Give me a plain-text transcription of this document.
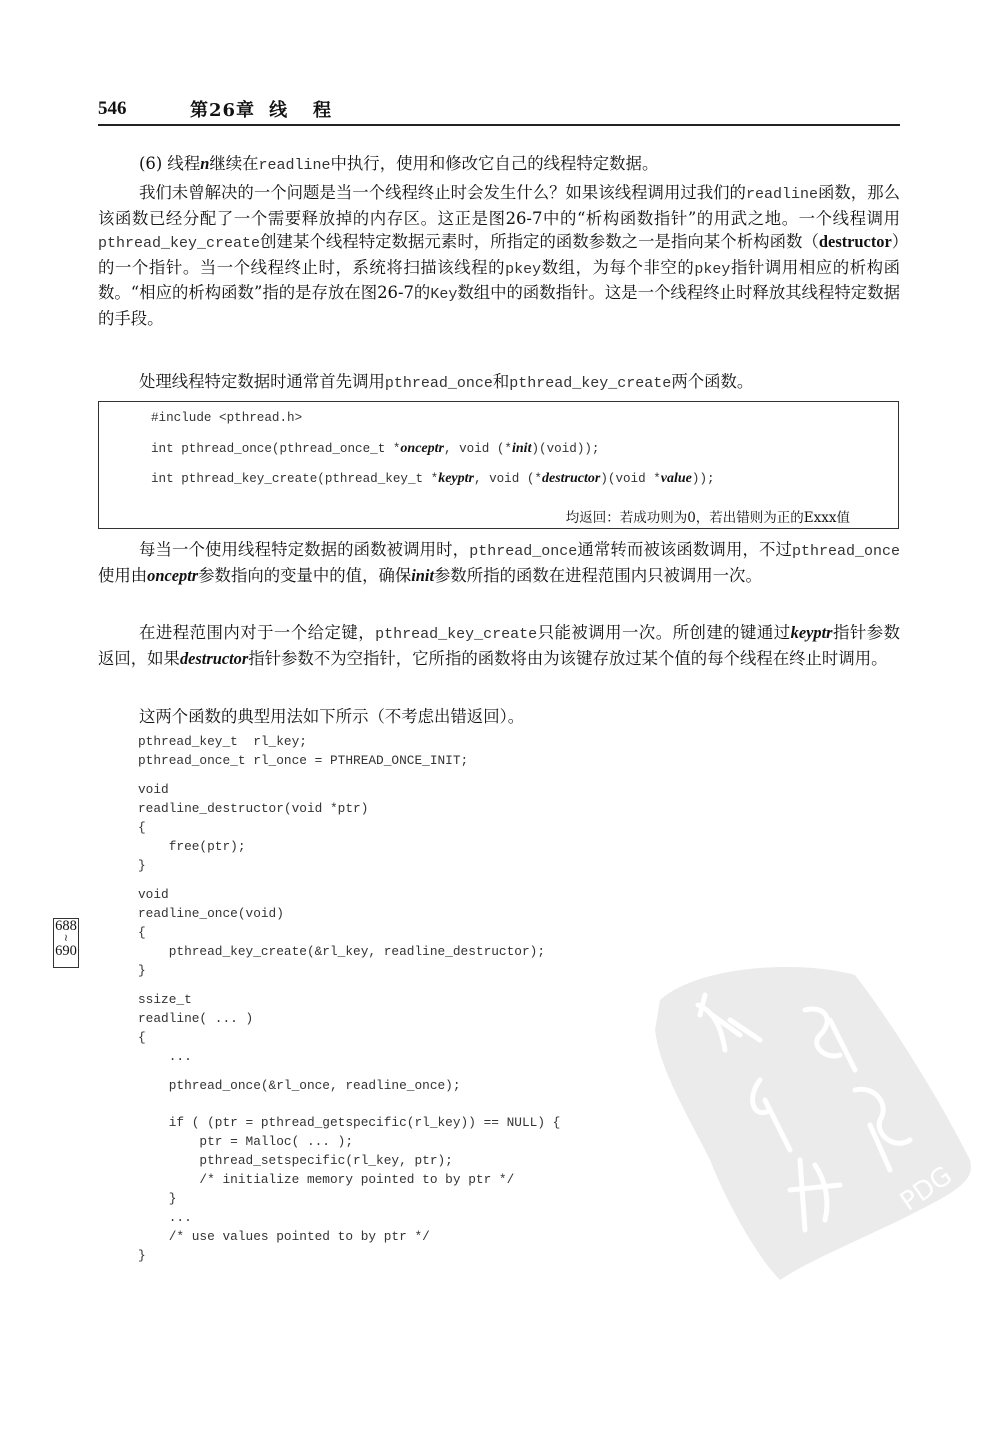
546	第26章 线程
(6) 线程n继续在readline中执行，使用和修改它自己的线程特定数据。
我们未曾解决的一个问题是当一个线程终止时会发生什么？如果该线程调用过我们的readline函数，那么该函数已经分配了一个需要释放掉的内存区。这正是图26-7中的“析构函数指针”的用武之地。一个线程调用pthread_key_create创建某个线程特定数据元素时，所指定的函数参数之一是指向某个析构函数（destructor）的一个指针。当一个线程终止时，系统将扫描该线程的pkey数组，为每个非空的pkey指针调用相应的析构函数。“相应的析构函数”指的是存放在图26-7的Key数组中的函数指针。这是一个线程终止时释放其线程特定数据的手段。
处理线程特定数据时通常首先调用pthread_once和pthread_key_create两个函数。
#include <pthread.h>
int pthread_once(pthread_once_t *onceptr, void (*init)(void));
int pthread_key_create(pthread_key_t *keyptr, void (*destructor)(void *value));
均返回：若成功则为0，若出错则为正的Exxx值
每当一个使用线程特定数据的函数被调用时，pthread_once通常转而被该函数调用，不过pthread_once使用由onceptr参数指向的变量中的值，确保init参数所指的函数在进程范围内只被调用一次。
在进程范围内对于一个给定键，pthread_key_create只能被调用一次。所创建的键通过keyptr指针参数返回，如果destructor指针参数不为空指针，它所指的函数将由为该键存放过某个值的每个线程在终止时调用。
这两个函数的典型用法如下所示（不考虑出错返回）。
pthread_key_t  rl_key;
pthread_once_t rl_once = PTHREAD_ONCE_INIT;
void
readline_destructor(void *ptr)
{
free(ptr);
}
void
readline_once(void)
{
pthread_key_create(&rl_key, readline_destructor);
}
ssize_t
readline( ... )
{
...
pthread_once(&rl_once, readline_once);
if ( (ptr = pthread_getspecific(rl_key)) == NULL) {
ptr = Malloc( ... );
pthread_setspecific(rl_key, ptr);
/* initialize memory pointed to by ptr */
}
...
/* use values pointed to by ptr */
}
688
≀
690
PDG
